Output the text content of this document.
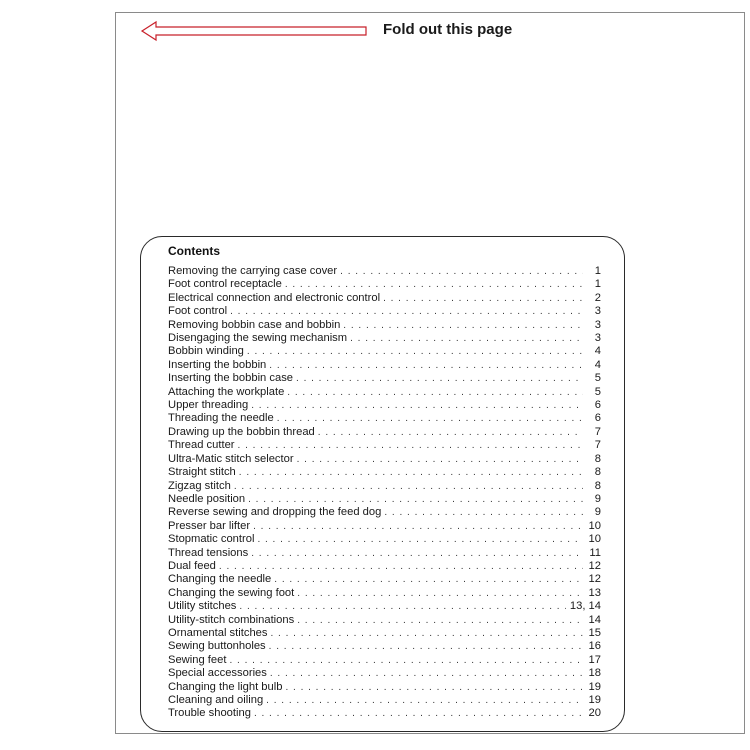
Fold out this page
Contents
Removing the carrying case cover . . .	1
Foot control receptacle . . .	1
Electrical connection and electronic control . . .	2
Foot control . . .	3
Removing bobbin case and bobbin . . .	3
Disengaging the sewing mechanism . . .	3
Bobbin winding . . .	4
Inserting the bobbin . . .	4
Inserting the bobbin case . . .	5
Attaching the workplate . . .	5
Upper threading . . .	6
Threading the needle . . .	6
Drawing up the bobbin thread . . .	7
Thread cutter . . .	7
Ultra-Matic stitch selector . . .	8
Straight stitch . . .	8
Zigzag stitch . . .	8
Needle position . . .	9
Reverse sewing and dropping the feed dog . . .	9
Presser bar lifter . . .	10
Stopmatic control . . .	10
Thread tensions . . .	11
Dual feed . . .	12
Changing the needle . . .	12
Changing the sewing foot . . .	13
Utility stitches . . .	13, 14
Utility-stitch combinations . . .	14
Ornamental stitches . . .	15
Sewing buttonholes . . .	16
Sewing feet . . .	17
Special accessories . . .	18
Changing the light bulb . . .	19
Cleaning and oiling . . .	19
Trouble shooting . . .	20
